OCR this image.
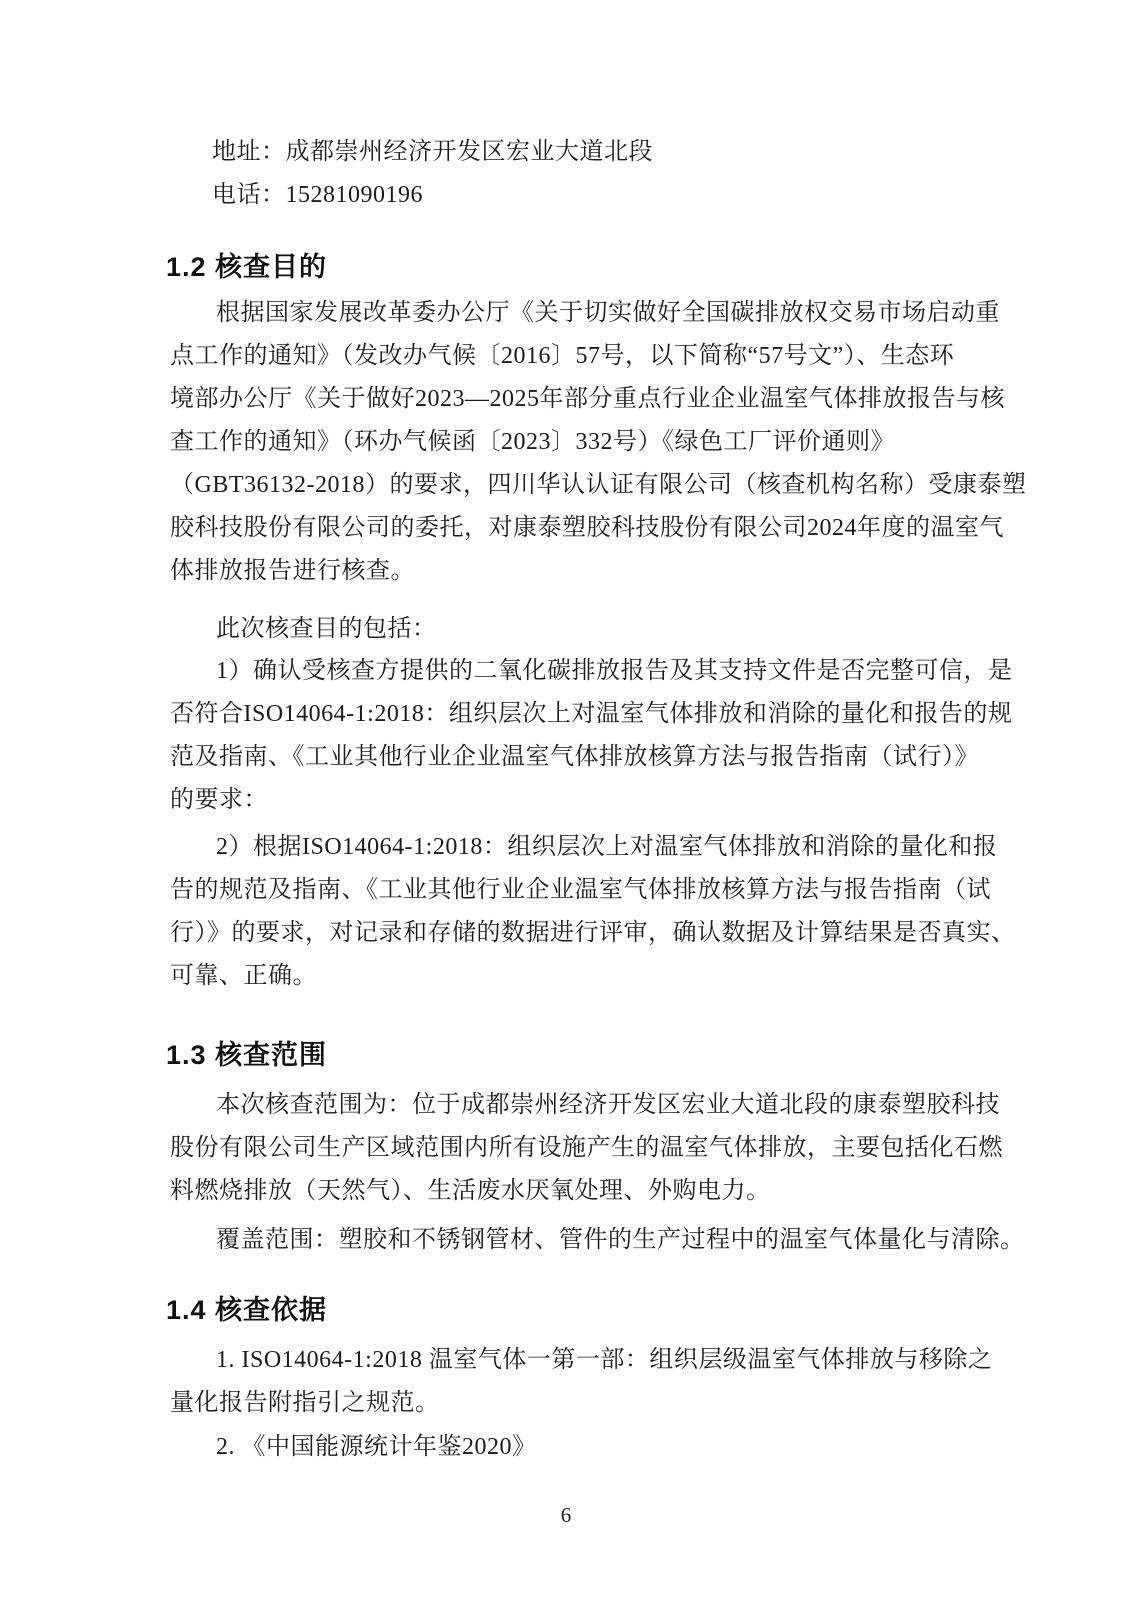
地址：成都崇州经济开发区宏业大道北段
电话：15281090196
1.2 核查目的
根据国家发展改革委办公厅《关于切实做好全国碳排放权交易市场启动重
点工作的通知》（发改办气候〔2016〕57号，以下简称“57号文”）、生态环
境部办公厅《关于做好2023—2025年部分重点行业企业温室气体排放报告与核
查工作的通知》（环办气候函〔2023〕332号）《绿色工厂评价通则》
（GBT36132-2018）的要求，四川华认认证有限公司（核查机构名称）受康泰塑
胶科技股份有限公司的委托，对康泰塑胶科技股份有限公司2024年度的温室气
体排放报告进行核查。
此次核查目的包括：
1）确认受核查方提供的二氧化碳排放报告及其支持文件是否完整可信，是
否符合ISO14064-1:2018：组织层次上对温室气体排放和消除的量化和报告的规
范及指南、《工业其他行业企业温室气体排放核算方法与报告指南（试行）》
的要求：
2）根据ISO14064-1:2018：组织层次上对温室气体排放和消除的量化和报
告的规范及指南、《工业其他行业企业温室气体排放核算方法与报告指南（试
行）》的要求，对记录和存储的数据进行评审，确认数据及计算结果是否真实、
可靠、正确。
1.3 核查范围
本次核查范围为：位于成都崇州经济开发区宏业大道北段的康泰塑胶科技
股份有限公司生产区域范围内所有设施产生的温室气体排放，主要包括化石燃
料燃烧排放（天然气）、生活废水厌氧处理、外购电力。
覆盖范围：塑胶和不锈钢管材、管件的生产过程中的温室气体量化与清除。
1.4 核查依据
1. ISO14064-1:2018 温室气体一第一部：组织层级温室气体排放与移除之
量化报告附指引之规范。
2. 《中国能源统计年鉴2020》
6
